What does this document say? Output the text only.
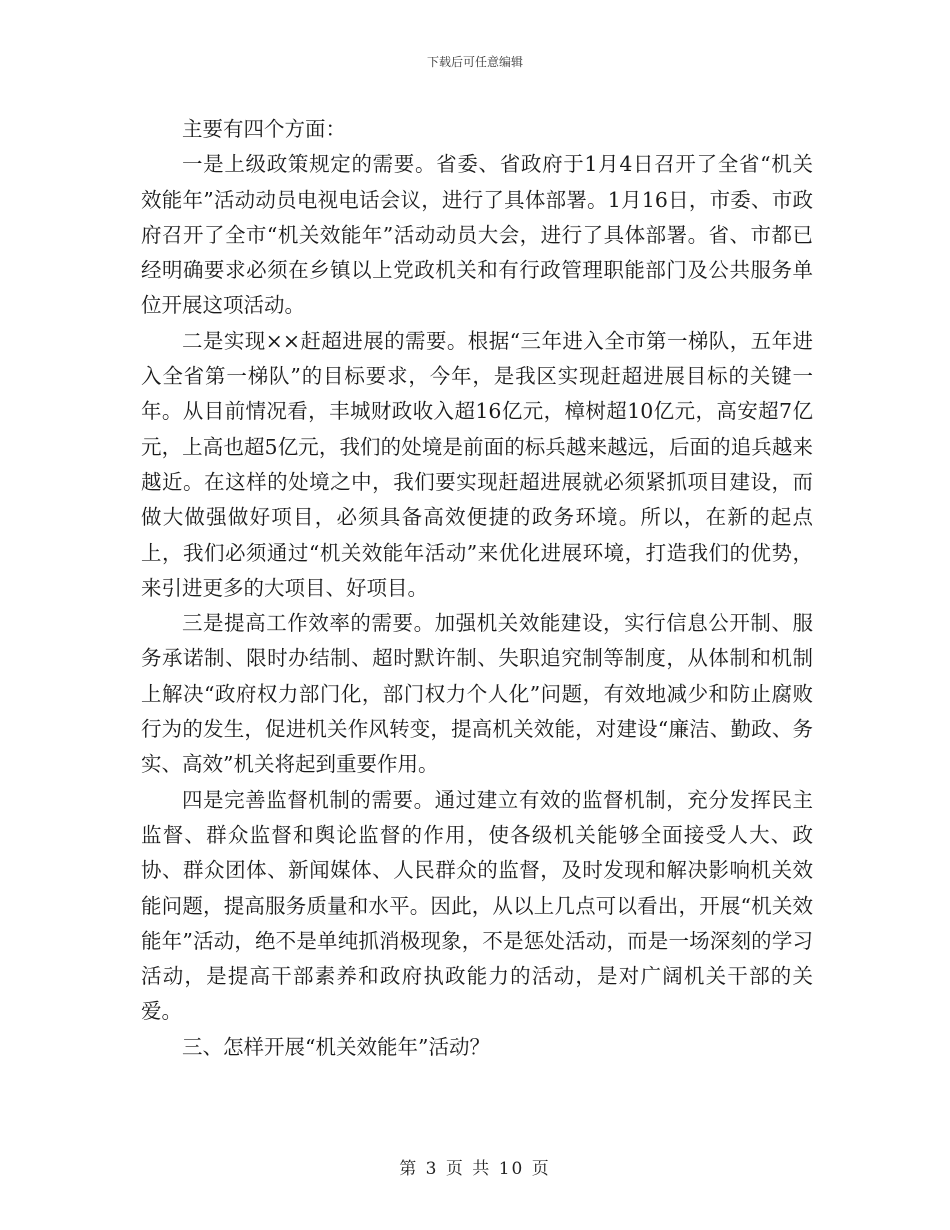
下载后可任意编辑

主要有四个方面：

一是上级政策规定的需要。省委、省政府于1月4日召开了全省“机关效能年”活动动员电视电话会议，进行了具体部署。1月16日，市委、市政府召开了全市“机关效能年”活动动员大会，进行了具体部署。省、市都已经明确要求必须在乡镇以上党政机关和有行政管理职能部门及公共服务单位开展这项活动。

二是实现××赶超进展的需要。根据“三年进入全市第一梯队，五年进入全省第一梯队”的目标要求，今年，是我区实现赶超进展目标的关键一年。从目前情况看，丰城财政收入超16亿元，樟树超10亿元，高安超7亿元，上高也超5亿元，我们的处境是前面的标兵越来越远，后面的追兵越来越近。在这样的处境之中，我们要实现赶超进展就必须紧抓项目建设，而做大做强做好项目，必须具备高效便捷的政务环境。所以，在新的起点上，我们必须通过“机关效能年活动”来优化进展环境，打造我们的优势，来引进更多的大项目、好项目。

三是提高工作效率的需要。加强机关效能建设，实行信息公开制、服务承诺制、限时办结制、超时默许制、失职追究制等制度，从体制和机制上解决“政府权力部门化，部门权力个人化”问题，有效地减少和防止腐败行为的发生，促进机关作风转变，提高机关效能，对建设“廉洁、勤政、务实、高效”机关将起到重要作用。

四是完善监督机制的需要。通过建立有效的监督机制，充分发挥民主监督、群众监督和舆论监督的作用，使各级机关能够全面接受人大、政协、群众团体、新闻媒体、人民群众的监督，及时发现和解决影响机关效能问题，提高服务质量和水平。因此，从以上几点可以看出，开展“机关效能年”活动，绝不是单纯抓消极现象，不是惩处活动，而是一场深刻的学习活动，是提高干部素养和政府执政能力的活动，是对广阔机关干部的关爱。

三、怎样开展“机关效能年”活动？

第 3 页 共 10 页
